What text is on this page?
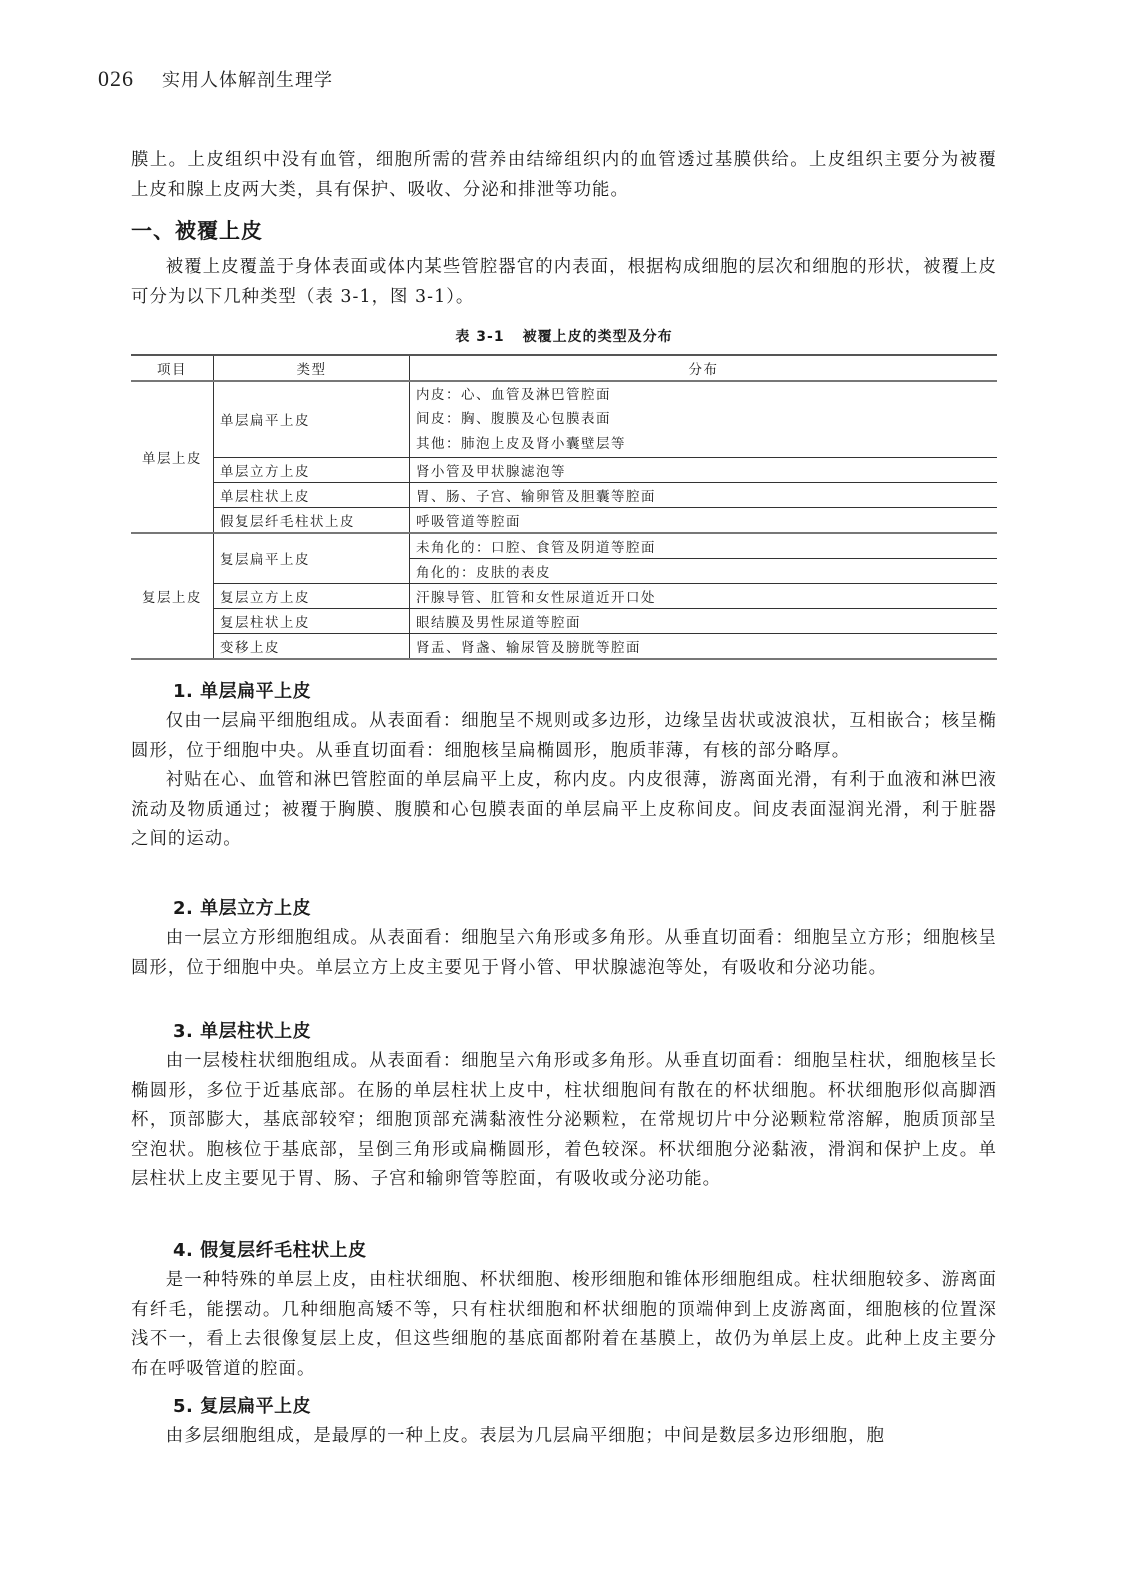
026 实用人体解剖生理学

膜上。上皮组织中没有血管，细胞所需的营养由结缔组织内的血管透过基膜供给。上皮组织主要分为被覆上皮和腺上皮两大类，具有保护、吸收、分泌和排泄等功能。

一、被覆上皮

被覆上皮覆盖于身体表面或体内某些管腔器官的内表面，根据构成细胞的层次和细胞的形状，被覆上皮可分为以下几种类型（表 3-1，图 3-1）。

表 3-1 被覆上皮的类型及分布
项目	类型	分布
单层上皮	单层扁平上皮	内皮：心、血管及淋巴管腔面
间皮：胸、腹膜及心包膜表面
其他：肺泡上皮及肾小囊壁层等

	单层立方上皮	肾小管及甲状腺滤泡等
	单层柱状上皮	胃、肠、子宫、输卵管及胆囊等腔面
	假复层纤毛柱状上皮	呼吸管道等腔面
复层上皮	复层扁平上皮	未角化的：口腔、食管及阴道等腔面
		角化的：皮肤的表皮
	复层立方上皮	汗腺导管、肛管和女性尿道近开口处
	复层柱状上皮	眼结膜及男性尿道等腔面
	变移上皮	肾盂、肾盏、输尿管及膀胱等腔面
1. 单层扁平上皮

仅由一层扁平细胞组成。从表面看：细胞呈不规则或多边形，边缘呈齿状或波浪状，互相嵌合；核呈椭圆形，位于细胞中央。从垂直切面看：细胞核呈扁椭圆形，胞质菲薄，有核的部分略厚。

衬贴在心、血管和淋巴管腔面的单层扁平上皮，称内皮。内皮很薄，游离面光滑，有利于血液和淋巴液流动及物质通过；被覆于胸膜、腹膜和心包膜表面的单层扁平上皮称间皮。间皮表面湿润光滑，利于脏器之间的运动。

2. 单层立方上皮

由一层立方形细胞组成。从表面看：细胞呈六角形或多角形。从垂直切面看：细胞呈立方形；细胞核呈圆形，位于细胞中央。单层立方上皮主要见于肾小管、甲状腺滤泡等处，有吸收和分泌功能。

3. 单层柱状上皮

由一层棱柱状细胞组成。从表面看：细胞呈六角形或多角形。从垂直切面看：细胞呈柱状，细胞核呈长椭圆形，多位于近基底部。在肠的单层柱状上皮中，柱状细胞间有散在的杯状细胞。杯状细胞形似高脚酒杯，顶部膨大，基底部较窄；细胞顶部充满黏液性分泌颗粒，在常规切片中分泌颗粒常溶解，胞质顶部呈空泡状。胞核位于基底部，呈倒三角形或扁椭圆形，着色较深。杯状细胞分泌黏液，滑润和保护上皮。单层柱状上皮主要见于胃、肠、子宫和输卵管等腔面，有吸收或分泌功能。

4. 假复层纤毛柱状上皮

是一种特殊的单层上皮，由柱状细胞、杯状细胞、梭形细胞和锥体形细胞组成。柱状细胞较多、游离面有纤毛，能摆动。几种细胞高矮不等，只有柱状细胞和杯状细胞的顶端伸到上皮游离面，细胞核的位置深浅不一，看上去很像复层上皮，但这些细胞的基底面都附着在基膜上，故仍为单层上皮。此种上皮主要分布在呼吸管道的腔面。

5. 复层扁平上皮

由多层细胞组成，是最厚的一种上皮。表层为几层扁平细胞；中间是数层多边形细胞，胞
